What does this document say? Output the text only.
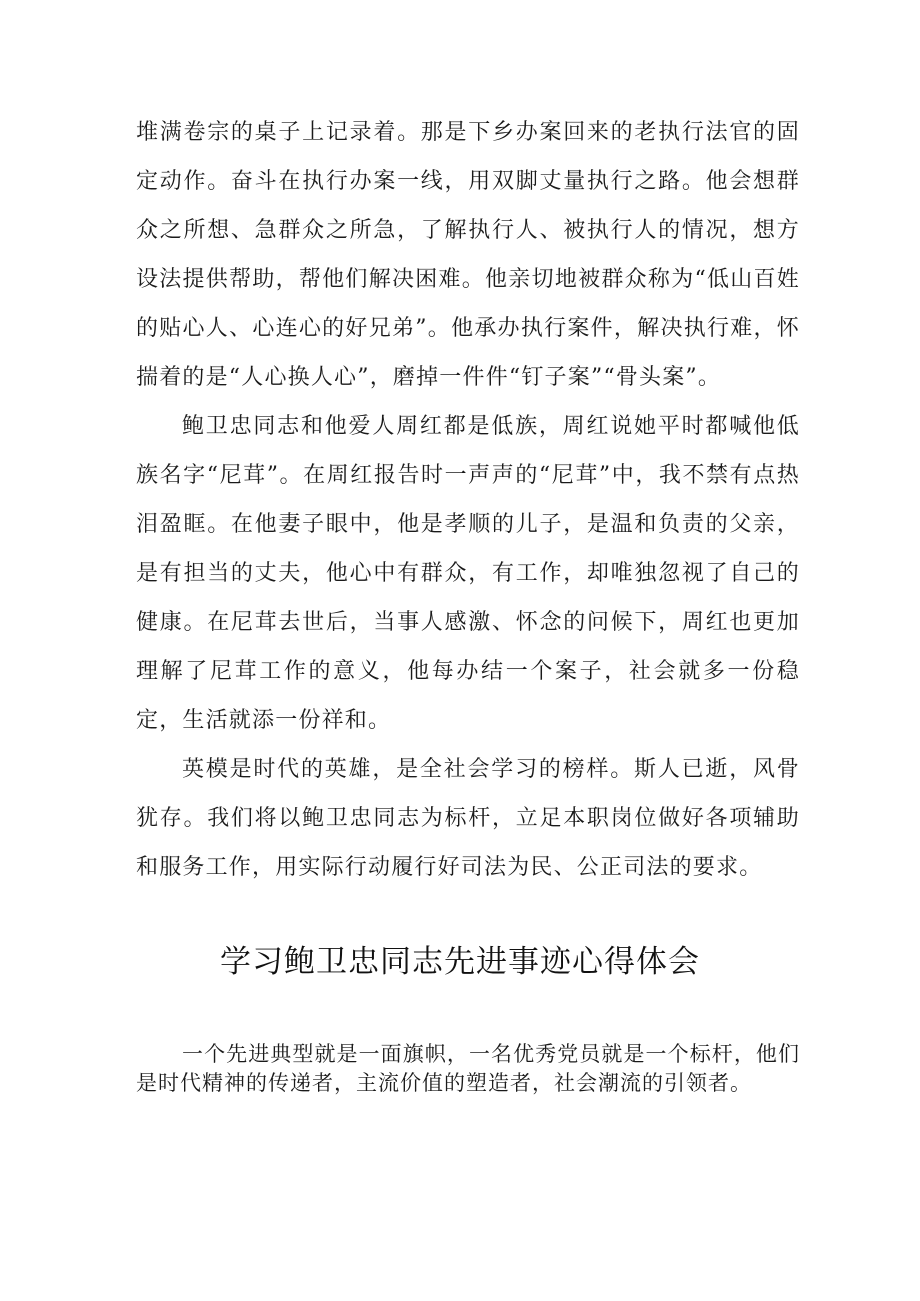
堆满卷宗的桌子上记录着。那是下乡办案回来的老执行法官的固定动作。奋斗在执行办案一线，用双脚丈量执行之路。他会想群众之所想、急群众之所急，了解执行人、被执行人的情况，想方设法提供帮助，帮他们解决困难。他亲切地被群众称为“低山百姓的贴心人、心连心的好兄弟”。他承办执行案件，解决执行难，怀揣着的是“人心换人心”，磨掉一件件“钉子案”“骨头案”。

鲍卫忠同志和他爱人周红都是低族，周红说她平时都喊他低族名字“尼茸”。在周红报告时一声声的“尼茸”中，我不禁有点热泪盈眶。在他妻子眼中，他是孝顺的儿子，是温和负责的父亲，是有担当的丈夫，他心中有群众，有工作，却唯独忽视了自己的健康。在尼茸去世后，当事人感激、怀念的问候下，周红也更加理解了尼茸工作的意义，他每办结一个案子，社会就多一份稳定，生活就添一份祥和。

英模是时代的英雄，是全社会学习的榜样。斯人已逝，风骨犹存。我们将以鲍卫忠同志为标杆，立足本职岗位做好各项辅助和服务工作，用实际行动履行好司法为民、公正司法的要求。

学习鲍卫忠同志先进事迹心得体会

一个先进典型就是一面旗帜，一名优秀党员就是一个标杆，他们是时代精神的传递者，主流价值的塑造者，社会潮流的引领者。
